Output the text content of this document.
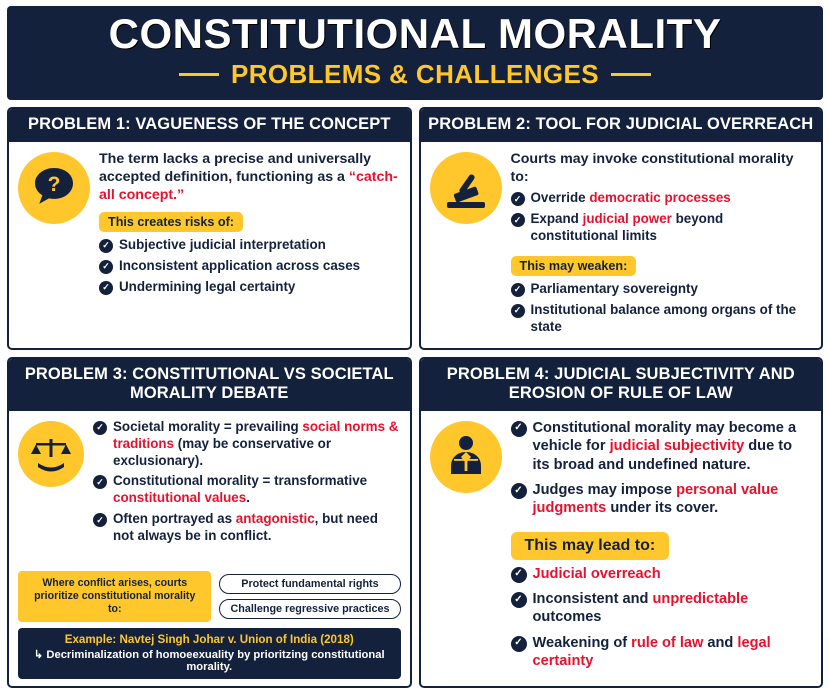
CONSTITUTIONAL MORALITY
PROBLEMS & CHALLENGES
PROBLEM 1: VAGUENESS OF THE CONCEPT
?
The term lacks a precise and universally accepted definition, functioning as a “catch-all concept.”
This creates risks of:
✓ Subjective judicial interpretation
✓ Inconsistent application across cases
✓ Undermining legal certainty
PROBLEM 2: TOOL FOR JUDICIAL OVERREACH
Courts may invoke constitutional morality to:
✓ Override democratic processes
✓ Expand judicial power beyond constitutional limits
This may weaken:
✓ Parliamentary sovereignty
✓ Institutional balance among organs of the state
PROBLEM 3: CONSTITUTIONAL VS SOCIETAL MORALITY DEBATE
✓ Societal morality = prevailing social norms & traditions (may be conservative or exclusionary).
✓ Constitutional morality = transformative constitutional values.
✓ Often portrayed as antagonistic, but need not always be in conflict.
Where conflict arises, courts prioritize constitutional morality to:
Protect fundamental rights
Challenge regressive practices
Example: Navtej Singh Johar v. Union of India (2018)
↳ Decriminalization of homoeexuality by prioritzing constitutional morality.
PROBLEM 4: JUDICIAL SUBJECTIVITY AND EROSION OF RULE OF LAW
✓ Constitutional morality may become a vehicle for judicial subjectivity due to its broad and undefined nature.
✓ Judges may impose personal value judgments under its cover.
This may lead to:
✓ Judicial overreach
✓ Inconsistent and unpredictable outcomes
✓ Weakening of rule of law and legal certainty
